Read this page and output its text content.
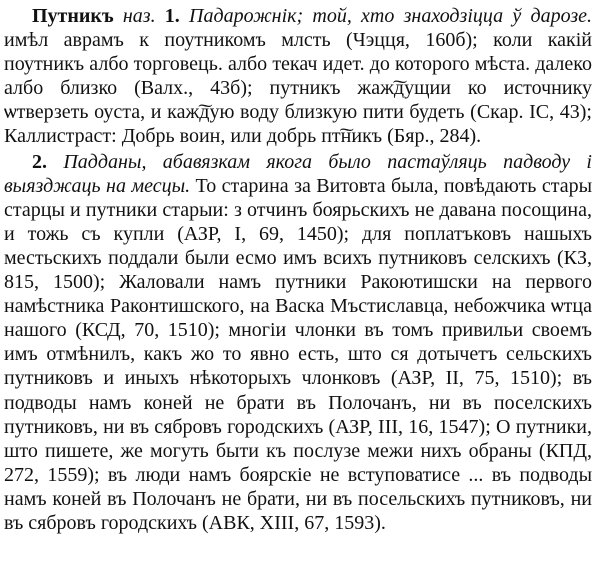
Путникъ наз. 1. Падарожнік; той, хто знаходзіцца ў дарозе. имѣл аврамъ к поутникомъ млсть (Чэцця, 160б); коли какій поутникъ албо торговець. албо текач идет. до которого мѣста. далеко албо близко (Валх., 43б); путникъ жаж͠дущии ко источнику ѡтверзеть оуста, и каж͠дую воду близкую пити будеть (Скар. IC, 43); Каллистраст: Добрь воин, или добрь пт͠никъ (Бяр., 284).

2. Падданы, абавязкам якога было пастаўляць падводу і выязджаць на месцы. То старина за Витовта была, повѣдають стары старцы и путники старыи: з отчинъ боярьскихъ не давана посощина, и тожь съ купли (АЗР, I, 69, 1450); для поплатъковъ нашыхъ местьскихъ поддали были есмо имъ всихъ путниковъ селскихъ (КЗ, 815, 1500); Жаловали намъ путники Ракоютишски на первого намѣстника Раконтишского, на Васка Мъстиславца, небожчика ѡтца нашого (КСД, 70, 1510); многіи члонки въ томъ привильи своемъ имъ отмѣнилъ, какъ жо то явно есть, што ся дотычетъ сельскихъ путниковъ и иныхъ нѣкоторыхъ члонковъ (АЗР, II, 75, 1510); въ подводы намъ коней не брати въ Полочанъ, ни въ поселскихъ путниковъ, ни въ сябровъ городскихъ (АЗР, III, 16, 1547); О путники, што пишете, же могуть быти къ послузе межи нихъ обраны (КПД, 272, 1559); въ люди намъ боярскіе не вступоватисе ... въ подводы намъ коней въ Полочанъ не брати, ни въ посельскихъ путниковъ, ни въ сябровъ городскихъ (АВК, XIII, 67, 1593).
